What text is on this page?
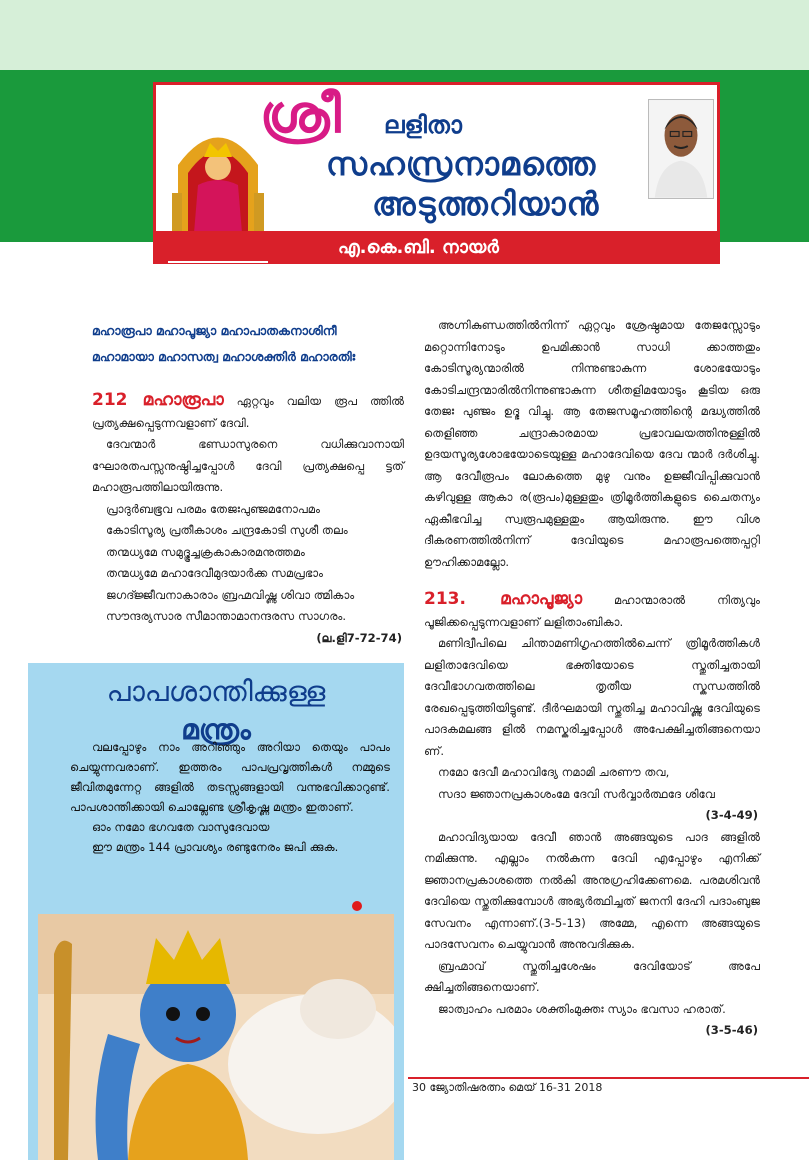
ശ്രീ ലളിതാ
സഹസ്രനാമത്തെ
അടുത്തറിയാൻ
എ.കെ.ബി. നായർ
മഹാരൂപാ മഹാപൂജ്യാ മഹാപാതകനാശിനീ
മഹാമായാ മഹാസത്വ മഹാശക്തിർ മഹാരതിഃ

212 മഹാരൂപാ ഏറ്റവും വലിയ രൂപ ത്തിൽ പ്രത്യക്ഷപ്പെടുന്നവളാണ് ദേവി.

ദേവന്മാർ ഭണ്ഡാസുരനെ വധിക്കുവാനായി ഘോരതപസ്സനുഷ്ഠിച്ചപ്പോൾ ദേവി പ്രത്യക്ഷപ്പെ ട്ടത് മഹാരൂപത്തിലായിരുന്നു.

പ്രാദുർബഭൂവ പരമം തേജഃപുഞ്ജമനോപമം

കോടിസൂര്യ പ്രതീകാശം ചന്ദ്രകോടി സുശീ തലം

തന്മധ്യമേ സമുദ്ഭൂച്ചക്രകാകാരമനുത്തമം

തന്മധ്യമേ മഹാദേവീമുദയാർക്ക സമപ്രഭാം

ജഗദ്ജ്ജീവനാകാരാം ബ്രഹ്മവിഷ്ണു ശിവാ ത്മികാം

സൗന്ദര്യസാര സീമാന്താമാനന്ദരസ സാഗരം.

(ല.ളി7-72-74)
പാപശാന്തിക്കുള്ള
മന്ത്രം

വലപ്പോഴും നാം അറിഞ്ഞും അറിയാ തെയും പാപം ചെയ്യുന്നവരാണ്. ഇത്തരം പാപപ്രവൃത്തികൾ നമ്മുടെ ജീവിതമുന്നേറ്റ ങ്ങളിൽ തടസ്സങ്ങളായി വന്നുഭവിക്കാറുണ്ട്. പാപശാന്തിക്കായി ചൊല്ലേണ്ട ശ്രീകൃഷ്ണ മന്ത്രം ഇതാണ്.

ഓം നമോ ഭഗവതേ വാസുദേവായ

ഈ മന്ത്രം 144 പ്രാവശ്യം രണ്ടുനേരം ജപി ക്കുക.

അഗ്നികുണ്ഡത്തിൽനിന്ന് ഏറ്റവും ശ്രേഷ്ഠമായ തേജസ്സോടും മറ്റൊന്നിനോടും ഉപമിക്കാൻ സാധി ക്കാത്തതും കോടിസൂര്യന്മാരിൽ നിന്നുണ്ടാകുന്ന ശോഭയോടും കോടിചന്ദ്രന്മാരിൽനിന്നുണ്ടാകുന്ന ശീതളിമയോടും കൂടിയ ഒരു തേജഃ പുഞ്ജം ഉദ്ഭ വിച്ചു. ആ തേജസമൂഹത്തിന്റെ മദ്ധ്യത്തിൽ തെളിഞ്ഞ ചന്ദ്രാകാരമായ പ്രഭാവലയത്തിനുള്ളിൽ ഉദയസൂര്യശോഭയോടെയുള്ള മഹാദേവിയെ ദേവ ന്മാർ ദർശിച്ചു. ആ ദേവീരൂപം ലോകത്തെ മുഴു വനും ഉജ്ജീവിപ്പിക്കുവാൻ കഴിവുള്ള ആകാ ര(രൂപം)മുള്ളതും ത്രിമൂർത്തികളുടെ ചൈതന്യം ഏകീഭവിച്ച സ്വരൂപമുള്ളതും ആയിരുന്നു. ഈ വിശ ദീകരണത്തിൽനിന്ന് ദേവിയുടെ മഹാരൂപത്തെപ്പറ്റി ഊഹിക്കാമല്ലോ.

213. മഹാപൂജ്യാ മഹാന്മാരാൽ നിത്യവും പൂജിക്കപ്പെടുന്നവളാണ് ലളിതാംബികാ.

മണിദ്വീപിലെ ചിന്താമണിഗൃഹത്തിൽചെന്ന് ത്രിമൂർത്തികൾ ലളിതാദേവിയെ ഭക്തിയോടെ സ്തുതിച്ചതായി ദേവീഭാഗവതത്തിലെ തൃതീയ സ്കന്ധത്തിൽ രേഖപ്പെടുത്തിയിട്ടുണ്ട്. ദീർഘമായി സ്തുതിച്ച മഹാവിഷ്ണു ദേവിയുടെ പാദകമലങ്ങ ളിൽ നമസ്കരിച്ചപ്പോൾ അപേക്ഷിച്ചതിങ്ങനെയാ ണ്.

നമോ ദേവീ മഹാവിദ്യേ നമാമി ചരണൗ തവ,

സദാ ജ്ഞാനപ്രകാശംമേ ദേവി സർവ്വാർത്ഥദേ ശിവേ

(3-4-49)

മഹാവിദ്യയായ ദേവീ ഞാൻ അങ്ങയുടെ പാദ ങ്ങളിൽ നമിക്കുന്നു. എല്ലാം നൽകുന്ന ദേവി എപ്പോഴും എനിക്ക് ജ്ഞാനപ്രകാശത്തെ നൽകി അനുഗ്രഹിക്കേണമെ. പരമശിവൻ ദേവിയെ സ്തുതിക്കുമ്പോൾ അഭ്യർത്ഥിച്ചത് ജനനി ദേഹി പദാംബുജ സേവനം എന്നാണ്.(3-5-13) അമ്മേ, എന്നെ അങ്ങയുടെ പാദസേവനം ചെയ്യുവാൻ അനുവദിക്കുക.

ബ്രഹ്മാവ് സ്തുതിച്ചശേഷം ദേവിയോട് അപേ ക്ഷിച്ചതിങ്ങനെയാണ്.

ജാത്വാഹം പരമാം ശക്തിംമുക്തഃ സ്യാം ഭവസാ ഹരാത്.

(3-5-46)
30 ജ്യോതിഷരത്നം മെയ് 16-31 2018
